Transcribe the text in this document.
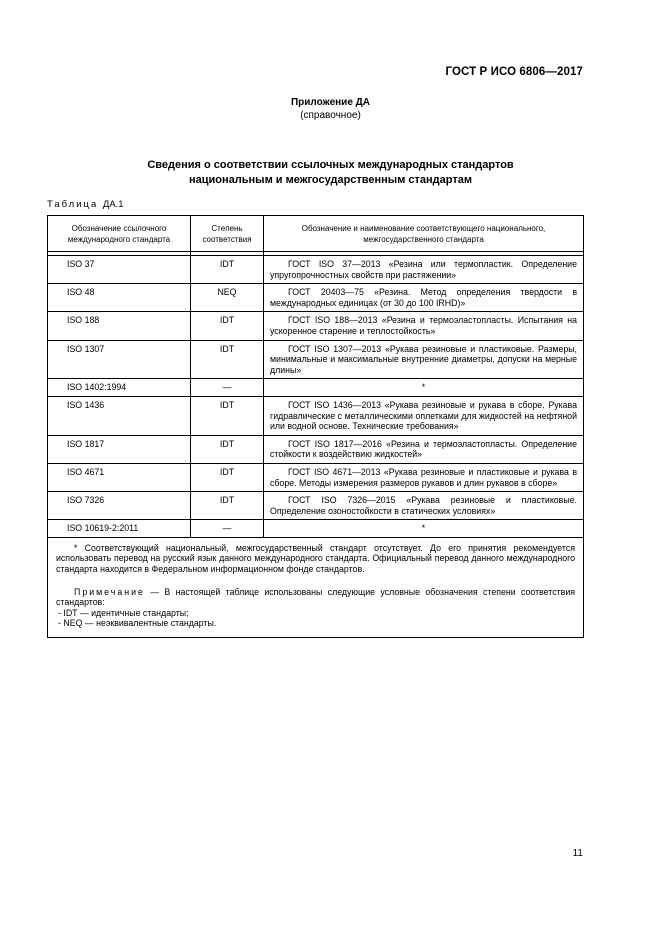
ГОСТ Р ИСО 6806—2017
Приложение ДА
(справочное)
Сведения о соответствии ссылочных международных стандартов
национальным и межгосударственным стандартам
Таблица ДА.1
Обозначение ссылочного международного стандарта	Степень соответствия	Обозначение и наименование соответствующего национального, межгосударственного стандарта

ISO 37	IDT	ГОСТ ISO 37—2013 «Резина или термопластик. Определение упругопрочностных свойств при растяжении»
ISO 48	NEQ	ГОСТ 20403—75 «Резина. Метод определения твердости в международных единицах (от 30 до 100 IRHD)»
ISO 188	IDT	ГОСТ ISO 188—2013 «Резина и термоэластопласты. Испытания на ускоренное старение и теплостойкость»
ISO 1307	IDT	ГОСТ ISO 1307—2013 «Рукава резиновые и пластиковые. Размеры, минимальные и максимальные внутренние диаметры, допуски на мерные длины»
ISO 1402:1994	—	*
ISO 1436	IDT	ГОСТ ISO 1436—2013 «Рукава резиновые и рукава в сборе. Рукава гидравлические с металлическими оплетками для жидкостей на нефтяной или водной основе. Технические требования»
ISO 1817	IDT	ГОСТ ISO 1817—2016 «Резина и термоэластопласты. Определение стойкости к воздействию жидкостей»
ISO 4671	IDT	ГОСТ ISO 4671—2013 «Рукава резиновые и пластиковые и рукава в сборе. Методы измерения размеров рукавов и длин рукавов в сборе»
ISO 7326	IDT	ГОСТ ISO 7326—2015 «Рукава резиновые и пластиковые. Определение озоностойкости в статических условиях»
ISO 10619-2:2011	—	*

* Соответствующий национальный, межгосударственный стандарт отсутствует. До его принятия рекомендуется использовать перевод на русский язык данного международного стандарта. Официальный перевод данного международного стандарта находится в Федеральном информационном фонде стандартов.

Примечание — В настоящей таблице использованы следующие условные обозначения степени соответствия стандартов:

- IDT — идентичные стандарты;

- NEQ — неэквивалентные стандарты.		

11
